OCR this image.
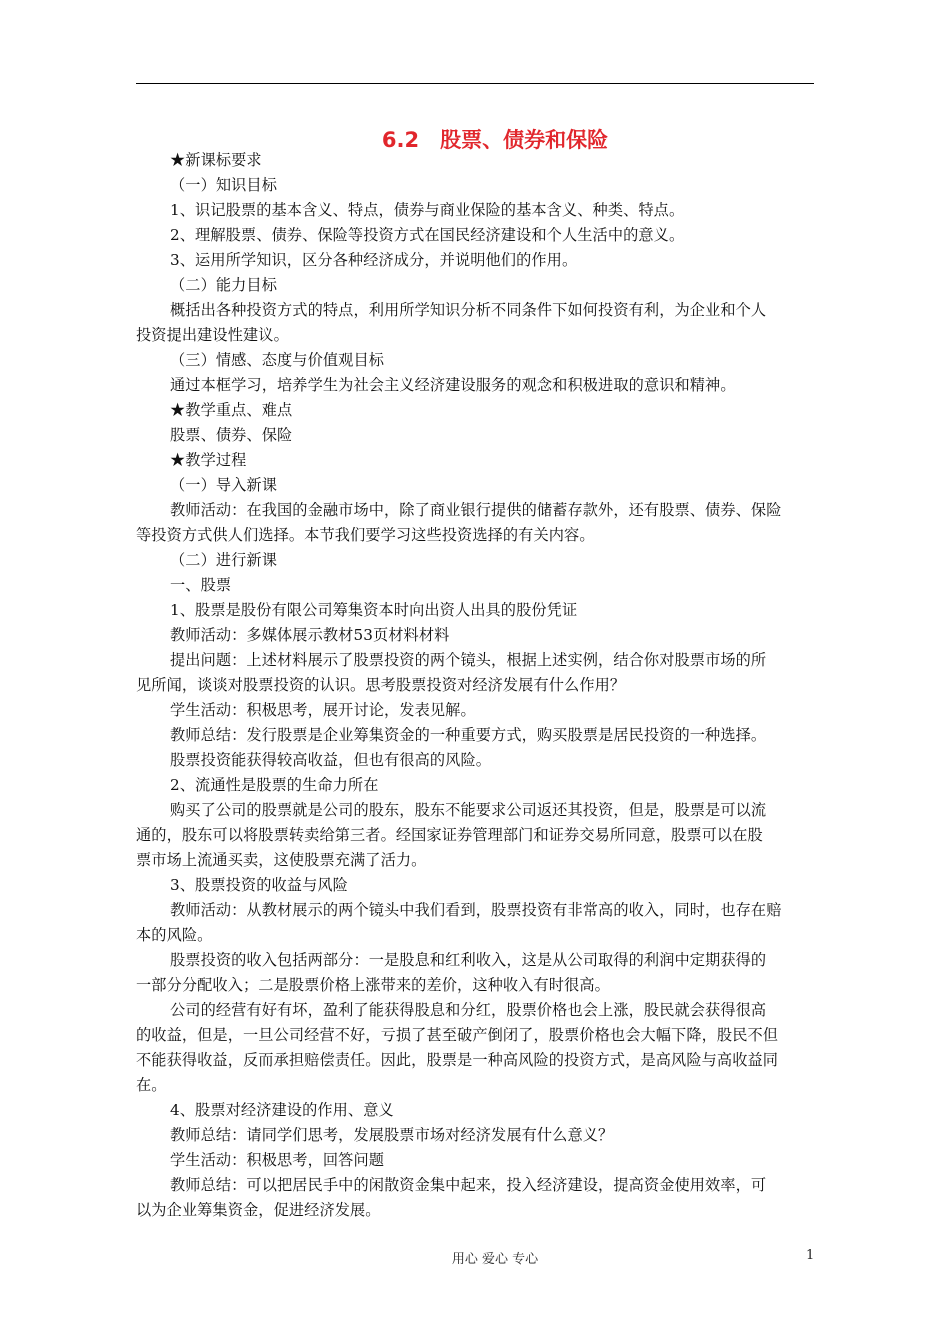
6.2　股票、债券和保险

★新课标要求

（一）知识目标

1、识记股票的基本含义、特点，债券与商业保险的基本含义、种类、特点。

2、理解股票、债券、保险等投资方式在国民经济建设和个人生活中的意义。

3、运用所学知识，区分各种经济成分，并说明他们的作用。

（二）能力目标

概括出各种投资方式的特点，利用所学知识分析不同条件下如何投资有利，为企业和个人

投资提出建设性建议。

（三）情感、态度与价值观目标

通过本框学习，培养学生为社会主义经济建设服务的观念和积极进取的意识和精神。

★教学重点、难点

股票、债券、保险

★教学过程

（一）导入新课

教师活动：在我国的金融市场中，除了商业银行提供的储蓄存款外，还有股票、债券、保险

等投资方式供人们选择。本节我们要学习这些投资选择的有关内容。

（二）进行新课

一、股票

1、股票是股份有限公司筹集资本时向出资人出具的股份凭证

教师活动：多媒体展示教材53页材料材料

提出问题：上述材料展示了股票投资的两个镜头，根据上述实例，结合你对股票市场的所

见所闻，谈谈对股票投资的认识。思考股票投资对经济发展有什么作用？

学生活动：积极思考，展开讨论，发表见解。

教师总结：发行股票是企业筹集资金的一种重要方式，购买股票是居民投资的一种选择。

股票投资能获得较高收益，但也有很高的风险。

2、流通性是股票的生命力所在

购买了公司的股票就是公司的股东，股东不能要求公司返还其投资，但是，股票是可以流

通的，股东可以将股票转卖给第三者。经国家证券管理部门和证券交易所同意，股票可以在股

票市场上流通买卖，这使股票充满了活力。

3、股票投资的收益与风险

教师活动：从教材展示的两个镜头中我们看到，股票投资有非常高的收入，同时，也存在赔

本的风险。

股票投资的收入包括两部分：一是股息和红利收入，这是从公司取得的利润中定期获得的

一部分分配收入；二是股票价格上涨带来的差价，这种收入有时很高。

公司的经营有好有坏，盈利了能获得股息和分红，股票价格也会上涨，股民就会获得很高

的收益，但是，一旦公司经营不好，亏损了甚至破产倒闭了，股票价格也会大幅下降，股民不但

不能获得收益，反而承担赔偿责任。因此，股票是一种高风险的投资方式，是高风险与高收益同

在。

4、股票对经济建设的作用、意义

教师总结：请同学们思考，发展股票市场对经济发展有什么意义？

学生活动：积极思考，回答问题

教师总结：可以把居民手中的闲散资金集中起来，投入经济建设，提高资金使用效率，可

以为企业筹集资金，促进经济发展。

用心 爱心 专心	1
